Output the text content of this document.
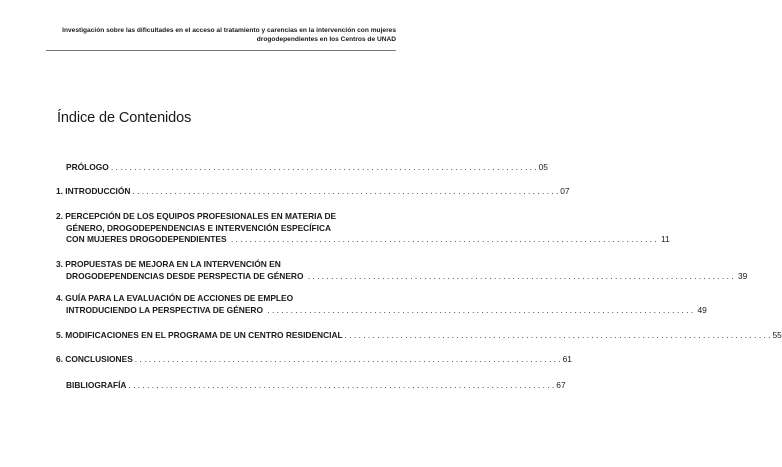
Investigación sobre las dificultades en el acceso al tratamiento y carencias en la intervención con mujeres
drogodependientes en los Centros de UNAD
Índice de Contenidos
PRÓLOGO . . .	05
1. INTRODUCCIÓN . . .	07
2. PERCEPCIÓN DE LOS EQUIPOS PROFESIONALES EN MATERIA DE
GÉNERO, DROGODEPENDENCIAS E INTERVENCIÓN ESPECÍFICA
CON MUJERES DROGODEPENDIENTES . . .	11
3. PROPUESTAS DE MEJORA EN LA INTERVENCIÓN EN
DROGODEPENDENCIAS DESDE PERSPECTIA DE GÉNERO . . .	39
4. GUÍA PARA LA EVALUACIÓN DE ACCIONES DE EMPLEO
INTRODUCIENDO LA PERSPECTIVA DE GÉNERO . . .	49
5. MODIFICACIONES EN EL PROGRAMA DE UN CENTRO RESIDENCIAL . . .	55
6. CONCLUSIONES . . .	61
BIBLIOGRAFÍA . . .	67
